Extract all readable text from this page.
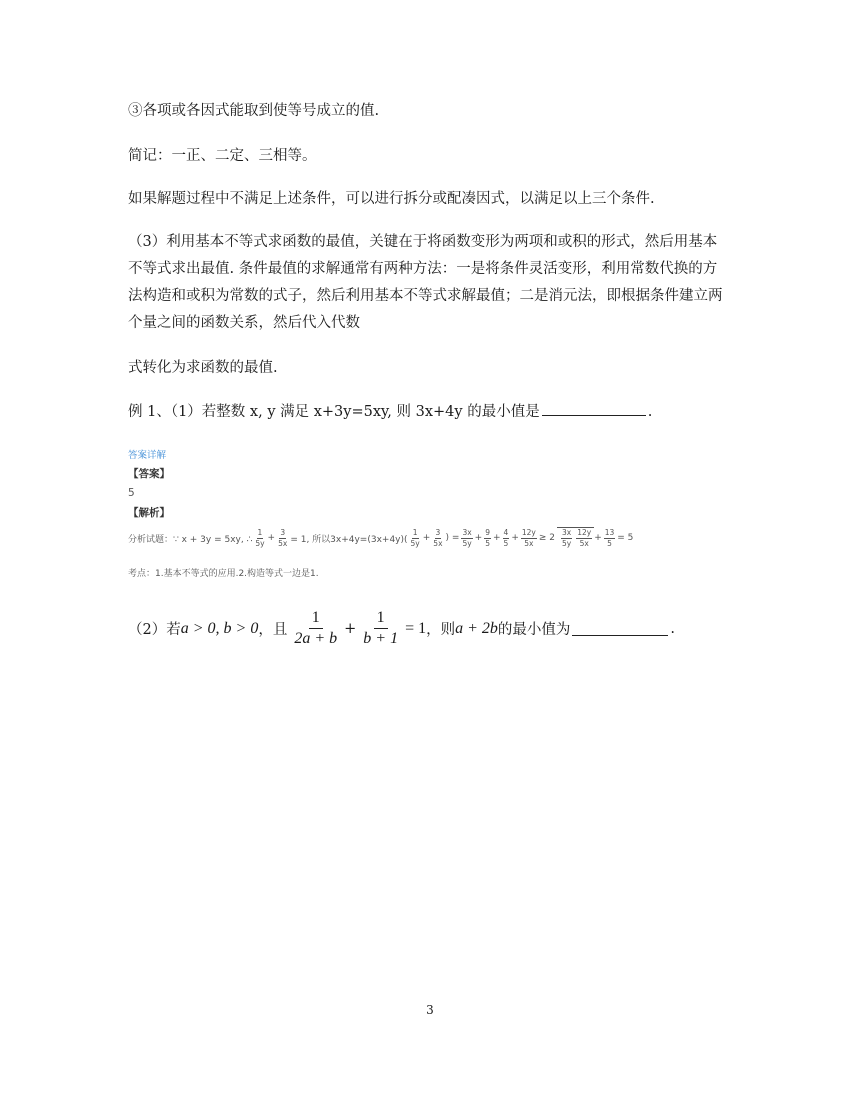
③各项或各因式能取到使等号成立的值.

简记：一正、二定、三相等。

如果解题过程中不满足上述条件，可以进行拆分或配凑因式，以满足以上三个条件.

（3）利用基本不等式求函数的最值，关键在于将函数变形为两项和或积的形式，然后用基本

不等式求出最值. 条件最值的求解通常有两种方法：一是将条件灵活变形，利用常数代换的方

法构造和或积为常数的式子，然后利用基本不等式求解最值；二是消元法，即根据条件建立两

个量之间的函数关系，然后代入代数

式转化为求函数的最值.

例 1、（1）若整数 x, y 满足 x+3y=5xy, 则 3x+4y 的最小值是	.

答案详解
【答案】
5
【解析】
分析试题：∵ x + 3y = 5xy, ∴ $\frac{1}{5y} + \frac{3}{5x} = 1$, 所以$3x+4y=(3x+4y)( \frac{1}{5y} + \frac{3}{5x}$ ) = $\frac{3x}{5y} + \frac{9}{5} + \frac{4}{5} + \frac{12y}{5x} \ge 2 \frac{3x}{5y} \frac{12y}{5x} + \frac{13}{5} = 5$
考点：1.基本不等式的应用.2.构造等式一边是1.
（2）若 a > 0, b > 0 ，且 $\frac{1}{2a + b} + \frac{1}{b + 1} = 1$ ，则 a + 2b 的最小值为	.
3
